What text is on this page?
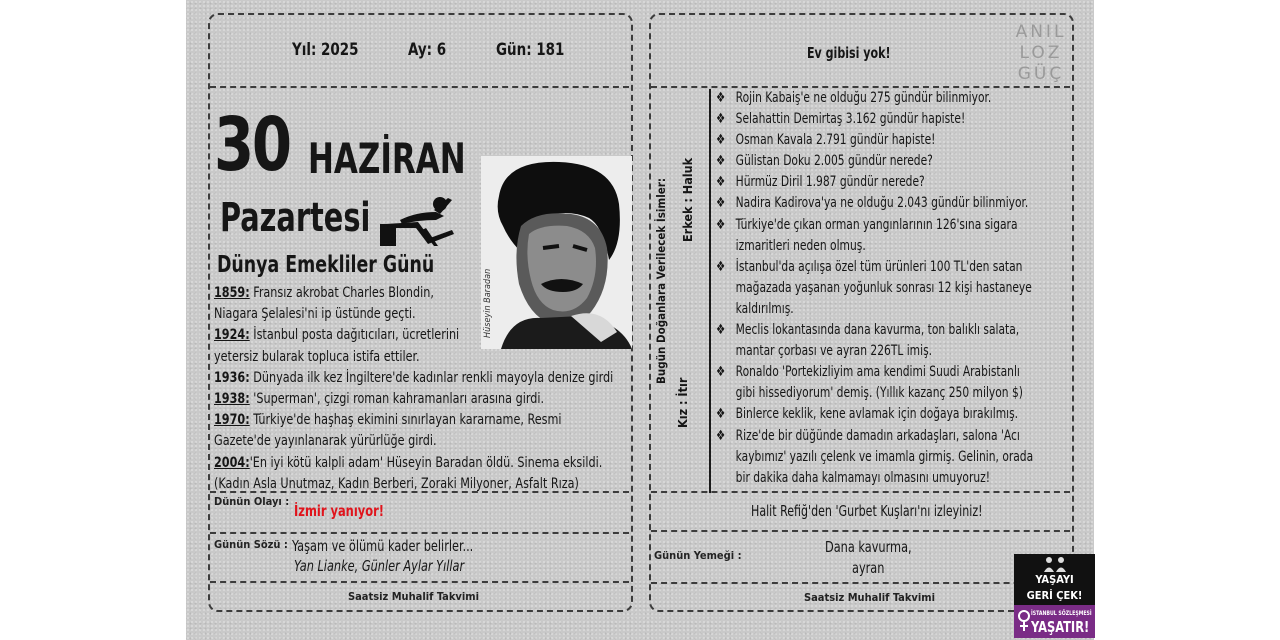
Yıl: 2025	Ay: 6	Gün: 181
30 HAZİRAN
Pazartesi
Dünya Emekliler Günü
Hüseyin Baradan
1859: Fransız akrobat Charles Blondin,
Niagara Şelalesi'ni ip üstünde geçti.
1924: İstanbul posta dağıtıcıları, ücretlerini
yetersiz bularak topluca istifa ettiler.
1936: Dünyada ilk kez İngiltere'de kadınlar renkli mayoyla denize girdi
1938: 'Superman', çizgi roman kahramanları arasına girdi.
1970: Türkiye'de haşhaş ekimini sınırlayan kararname, Resmi
Gazete'de yayınlanarak yürürlüğe girdi.
2004:'En iyi kötü kalpli adam' Hüseyin Baradan öldü. Sinema eksildi.
(Kadın Asla Unutmaz, Kadın Berberi, Zoraki Milyoner, Asfalt Rıza)
Dünün Olayı :
İzmir yanıyor!
Günün Sözü : Yaşam ve ölümü kader belirler...
Yan Lianke, Günler Aylar Yıllar
Saatsiz Muhalif Takvimi
Ev gibisi yok!
ANIL
LOZ
GÜÇ
Bugün Doğanlara Verilecek İsimler: Erkek : Haluk
Kız : İtır
❖ Rojin Kabaiş'e ne olduğu 275 gündür bilinmiyor.
❖ Selahattin Demirtaş 3.162 gündür hapiste!
❖ Osman Kavala 2.791 gündür hapiste!
❖ Gülistan Doku 2.005 gündür nerede?
❖ Hürmüz Diril 1.987 gündür nerede?
❖ Nadira Kadirova'ya ne olduğu 2.043 gündür bilinmiyor.
❖ Türkiye'de çıkan orman yangınlarının 126'sına sigara
izmaritleri neden olmuş.
❖ İstanbul'da açılışa özel tüm ürünleri 100 TL'den satan
mağazada yaşanan yoğunluk sonrası 12 kişi hastaneye
kaldırılmış.
❖ Meclis lokantasında dana kavurma, ton balıklı salata,
mantar çorbası ve ayran 226TL imiş.
❖ Ronaldo 'Portekizliyim ama kendimi Suudi Arabistanlı
gibi hissediyorum' demiş. (Yıllık kazanç 250 milyon $)
❖ Binlerce keklik, kene avlamak için doğaya bırakılmış.
❖ Rize'de bir düğünde damadın arkadaşları, salona 'Acı
kaybımız' yazılı çelenk ve imamla girmiş. Gelinin, orada
bir dakika daha kalmamayı olmasını umuyoruz!
Halit Refiğ'den 'Gurbet Kuşları'nı izleyiniz!
Günün Yemeği :	Dana kavurma,
ayran
Saatsiz Muhalif Takvimi
YAŞAYI
GERİ ÇEK!
İSTANBUL SÖZLEŞMESİ
YAŞATIR!
